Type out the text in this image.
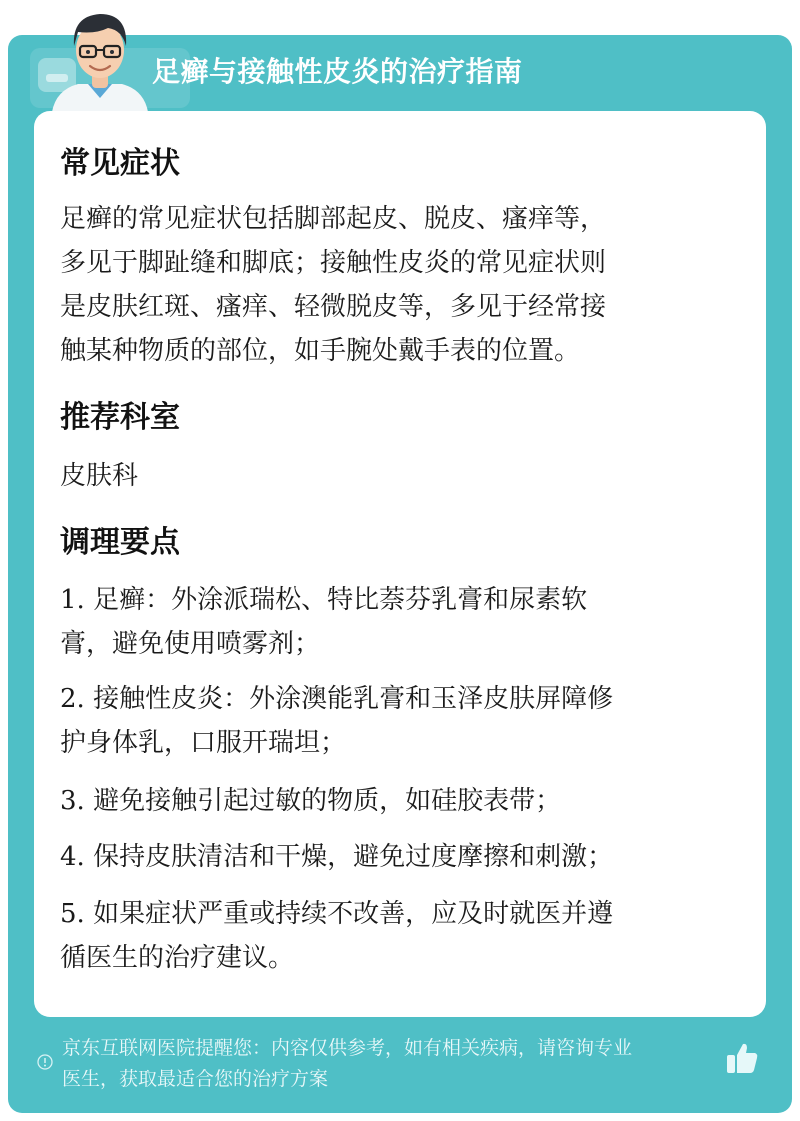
足癣与接触性皮炎的治疗指南
常见症状
足癣的常见症状包括脚部起皮、脱皮、瘙痒等，
多见于脚趾缝和脚底；接触性皮炎的常见症状则
是皮肤红斑、瘙痒、轻微脱皮等，多见于经常接
触某种物质的部位，如手腕处戴手表的位置。
推荐科室
皮肤科
调理要点
1. 足癣：外涂派瑞松、特比萘芬乳膏和尿素软
膏，避免使用喷雾剂；
2. 接触性皮炎：外涂澳能乳膏和玉泽皮肤屏障修
护身体乳，口服开瑞坦；
3. 避免接触引起过敏的物质，如硅胶表带；
4. 保持皮肤清洁和干燥，避免过度摩擦和刺激；
5. 如果症状严重或持续不改善，应及时就医并遵
循医生的治疗建议。
京东互联网医院提醒您：内容仅供参考，如有相关疾病，请咨询专业
医生，获取最适合您的治疗方案
